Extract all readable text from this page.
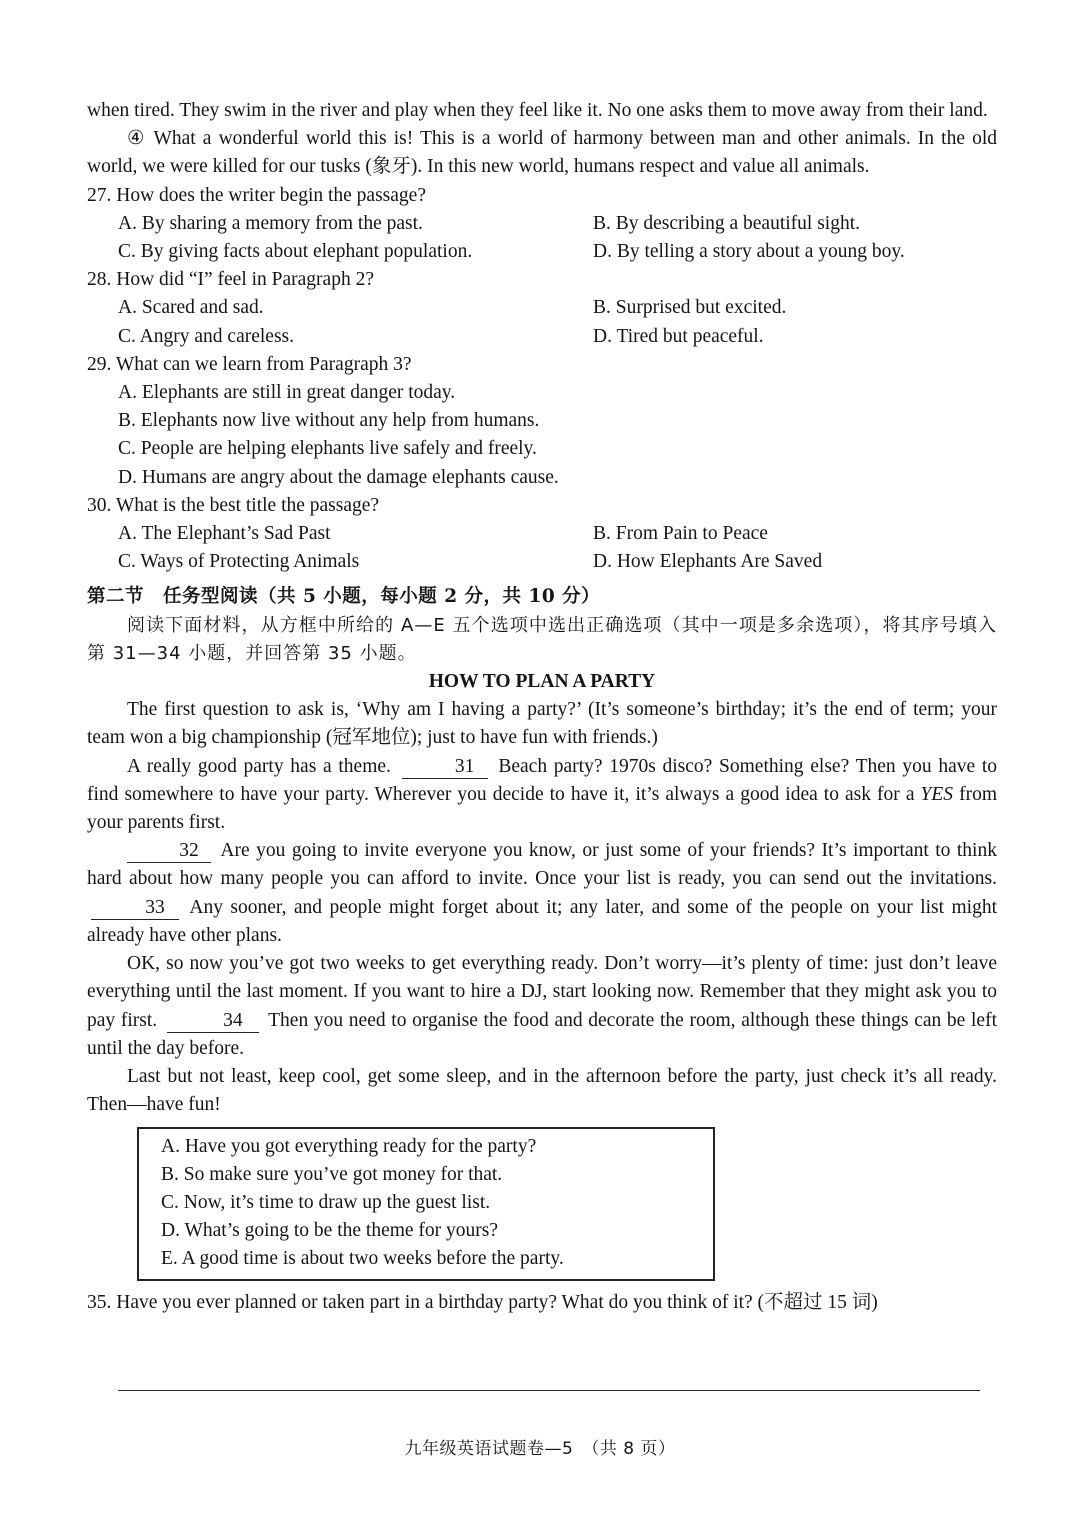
when tired. They swim in the river and play when they feel like it. No one asks them to move away from their land.

④ What a wonderful world this is! This is a world of harmony between man and other animals. In the old world, we were killed for our tusks (象牙). In this new world, humans respect and value all animals.

27. How does the writer begin the passage?

A. By sharing a memory from the past.	B. By describing a beautiful sight.
C. By giving facts about elephant population.	D. By telling a story about a young boy.

28. How did “I” feel in Paragraph 2?

A. Scared and sad.	B. Surprised but excited.
C. Angry and careless.	D. Tired but peaceful.

29. What can we learn from Paragraph 3?

A. Elephants are still in great danger today.

B. Elephants now live without any help from humans.

C. People are helping elephants live safely and freely.

D. Humans are angry about the damage elephants cause.

30. What is the best title the passage?

A. The Elephant’s Sad Past	B. From Pain to Peace
C. Ways of Protecting Animals	D. How Elephants Are Saved

第二节　任务型阅读（共 5 小题，每小题 2 分，共 10 分）

阅读下面材料，从方框中所给的 A—E 五个选项中选出正确选项（其中一项是多余选项），将其序号填入第 31—34 小题，并回答第 35 小题。

HOW TO PLAN A PARTY

The first question to ask is, ‘Why am I having a party?’ (It’s someone’s birthday; it’s the end of term; your team won a big championship (冠军地位); just to have fun with friends.)

A really good party has a theme.	31 Beach party? 1970s disco? Something else? Then you have to find somewhere to have your party. Wherever you decide to have it, it’s always a good idea to ask for a YES from your parents first.

32 Are you going to invite everyone you know, or just some of your friends? It’s important to think hard about how many people you can afford to invite. Once your list is ready, you can send out the invitations. 33 Any sooner, and people might forget about it; any later, and some of the people on your list might already have other plans.

OK, so now you’ve got two weeks to get everything ready. Don’t worry—it’s plenty of time: just don’t leave everything until the last moment. If you want to hire a DJ, start looking now. Remember that they might ask you to pay first.	34 Then you need to organise the food and decorate the room, although these things can be left until the day before.

Last but not least, keep cool, get some sleep, and in the afternoon before the party, just check it’s all ready. Then—have fun!

A. Have you got everything ready for the party?
B. So make sure you’ve got money for that.
C. Now, it’s time to draw up the guest list.
D. What’s going to be the theme for yours?
E. A good time is about two weeks before the party.

35. Have you ever planned or taken part in a birthday party? What do you think of it? (不超过 15 词)

九年级英语试题卷—5　（共 8 页）
